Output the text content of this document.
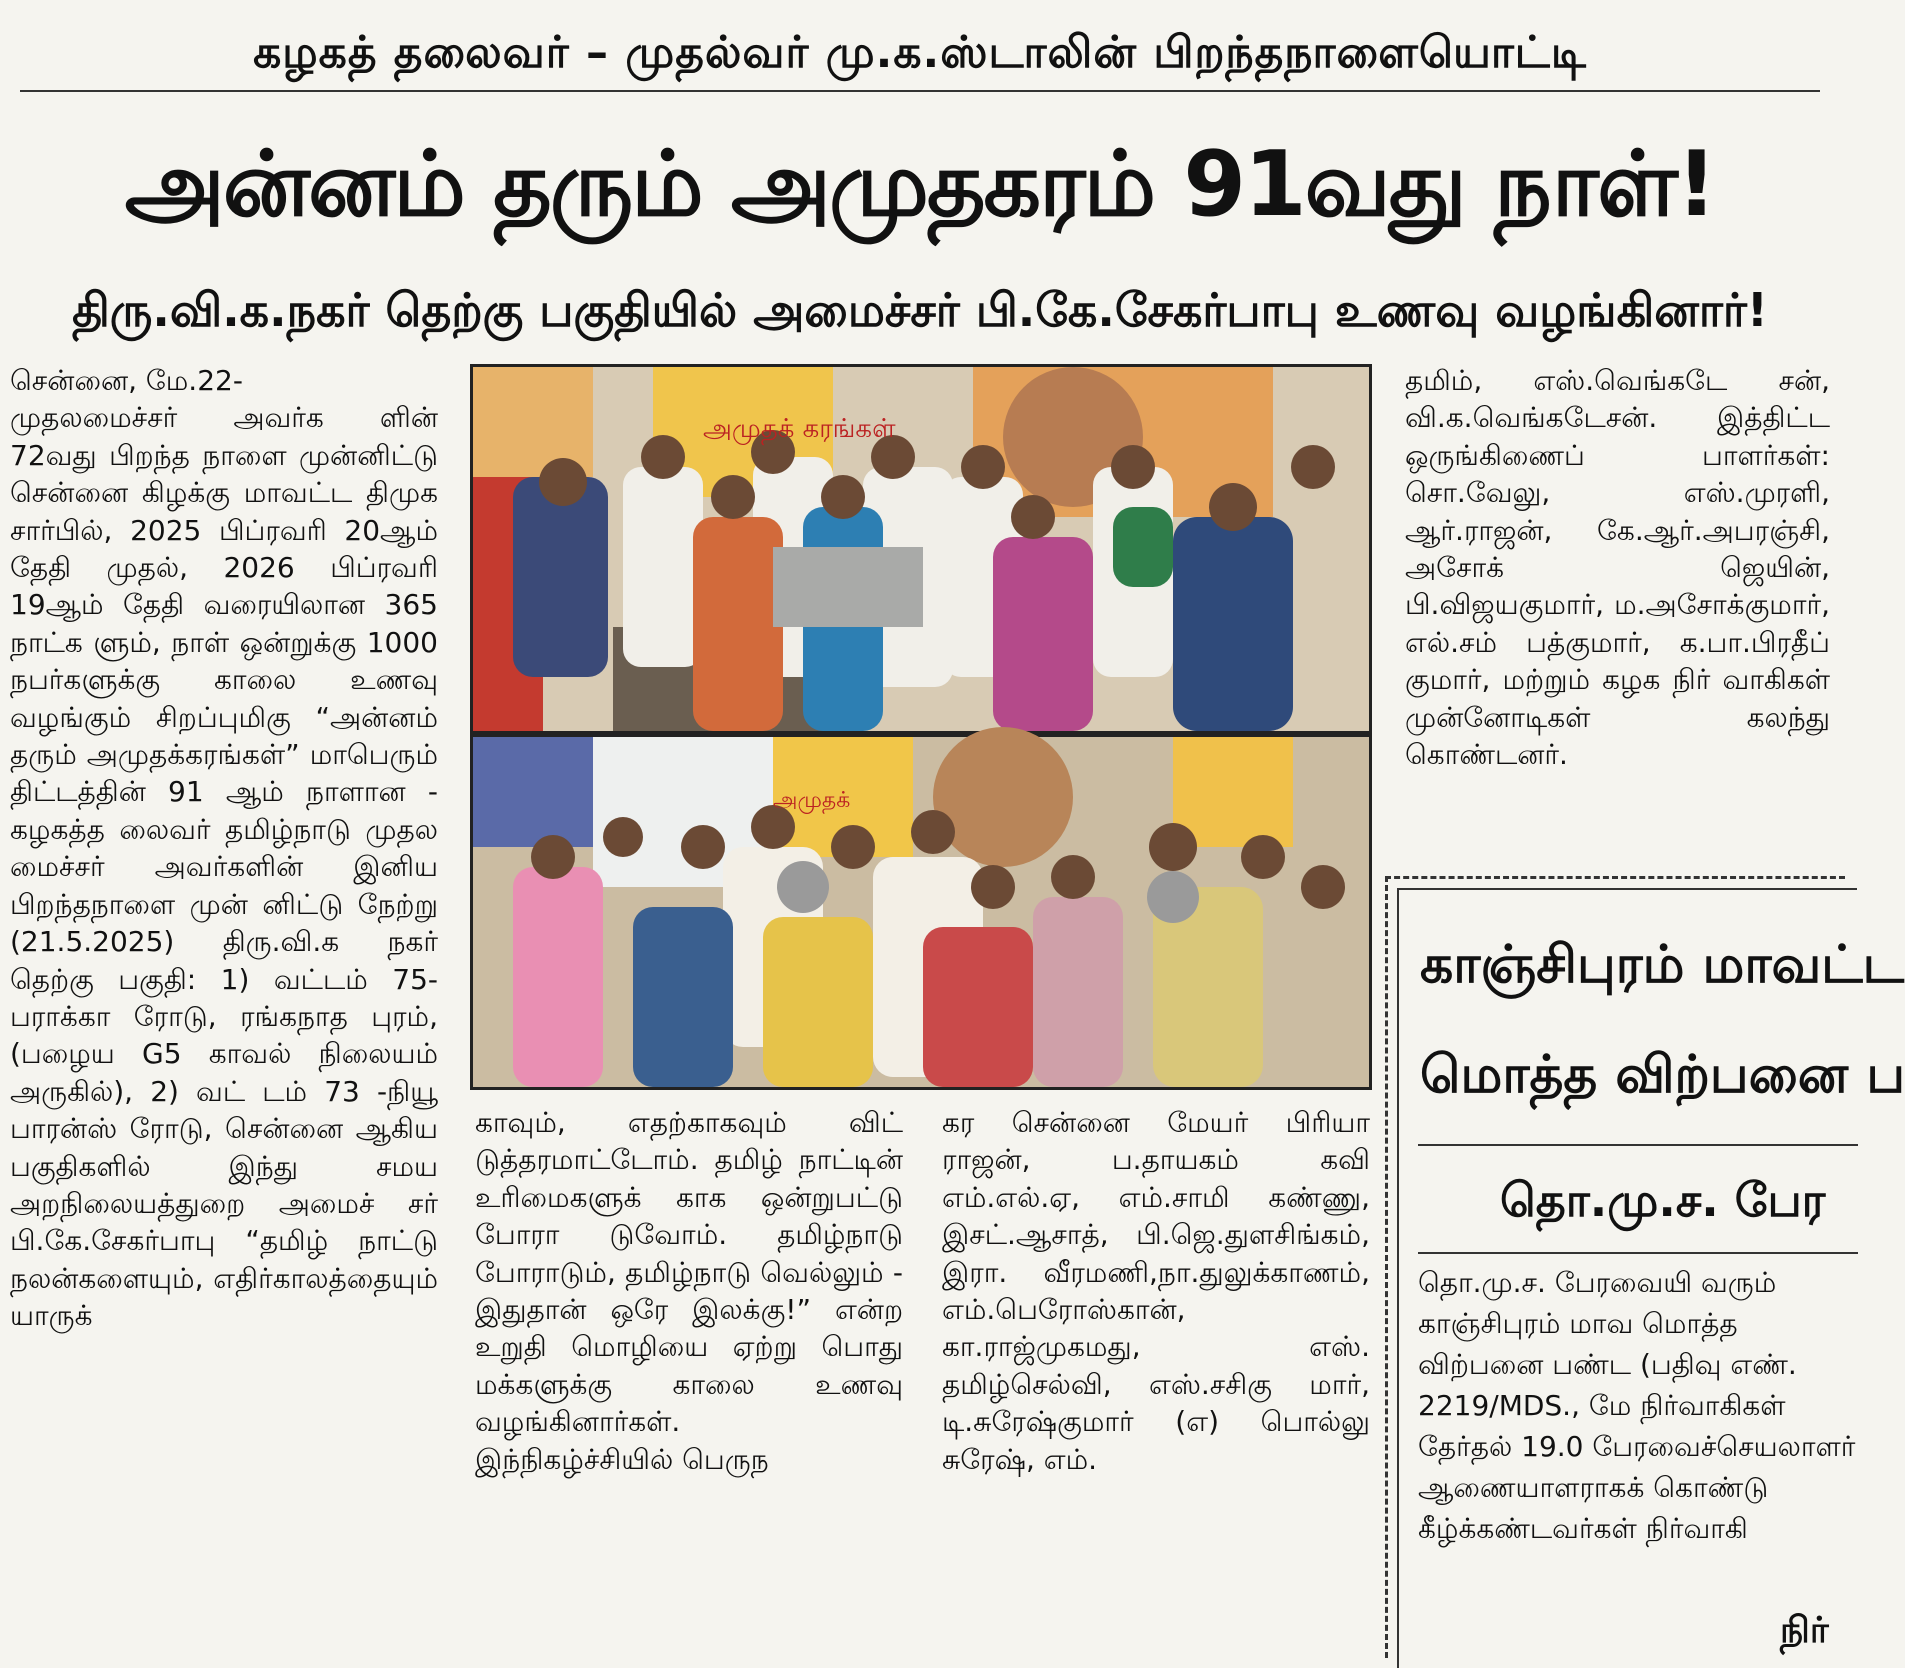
கழகத் தலைவர் – முதல்வர் மு.க.ஸ்டாலின் பிறந்தநாளையொட்டி
அன்னம் தரும் அமுதகரம் 91வது நாள்!
திரு.வி.க.நகர் தெற்கு பகுதியில் அமைச்சர் பி.கே.சேகர்பாபு உணவு வழங்கினார்!
சென்னை, மே.22-
முதலமைச்சர் அவர்க ளின் 72வது பிறந்த நாளை முன்னிட்டு சென்னை கிழக்கு மாவட்ட திமுக சார்பில், 2025 பிப்ரவரி 20ஆம் தேதி முதல், 2026 பிப்ரவரி 19ஆம் தேதி வரையிலான 365 நாட்க ளும், நாள் ஒன்றுக்கு 1000 நபர்களுக்கு காலை உணவு வழங்கும் சிறப்புமிகு “அன்னம் தரும் அமுதக்கரங்கள்” மாபெரும் திட்டத்தின் 91 ஆம் நாளான - கழகத்த லைவர் தமிழ்நாடு முதல மைச்சர் அவர்களின் இனிய பிறந்தநாளை முன் னிட்டு நேற்று (21.5.2025) திரு.வி.க நகர் தெற்கு பகுதி: 1) வட்டம் 75- பராக்கா ரோடு, ரங்கநாத புரம், (பழைய G5 காவல் நிலையம் அருகில்), 2) வட் டம் 73 -நியூ பாரன்ஸ் ரோடு, சென்னை ஆகிய பகுதிகளில் இந்து சமய அறநிலையத்துறை அமைச் சர் பி.கே.சேகர்பாபு “தமிழ் நாட்டு நலன்களையும், எதிர்காலத்தையும் யாருக்
அமுதக் கரங்கள்
அமுதக்
காவும், எதற்காகவும் விட் டுத்தரமாட்டோம். தமிழ் நாட்டின் உரிமைகளுக் காக ஒன்றுபட்டு போரா டுவோம். தமிழ்நாடு போராடும், தமிழ்நாடு வெல்லும் - இதுதான் ஒரே இலக்கு!” என்ற உறுதி மொழியை ஏற்று பொது மக்களுக்கு காலை உணவு வழங்கினார்கள்.
இந்நிகழ்ச்சியில் பெருந
கர சென்னை மேயர் பிரியா ராஜன், ப.தாயகம் கவி எம்.எல்.ஏ, எம்.சாமி கண்ணு, இசட்.ஆசாத், பி.ஜெ.துளசிங்கம், இரா. வீரமணி,நா.துலுக்காணம், எம்.பெரோஸ்கான், கா.ராஜ்முகமது, எஸ். தமிழ்செல்வி, எஸ்.சசிகு மார், டி.சுரேஷ்குமார் (எ) பொல்லு சுரேஷ், எம்.
தமிம், எஸ்.வெங்கடே சன், வி.க.வெங்கடேசன். இத்திட்ட ஒருங்கிணைப் பாளர்கள்: சொ.வேலு, எஸ்.முரளி, ஆர்.ராஜன், கே.ஆர்.அபரஞ்சி, அசோக் ஜெயின், பி.விஜயகுமார், ம.அசோக்குமார், எல்.சம் பத்குமார், க.பா.பிரதீப் குமார், மற்றும் கழக நிர் வாகிகள் முன்னோடிகள் கலந்து கொண்டனர்.
காஞ்சிபுரம் மாவட்ட
மொத்த விற்பனை ப
தொ.மு.ச. பேர
தொ.மு.ச. பேரவையி வரும் காஞ்சிபுரம் மாவ மொத்த விற்பனை பண்ட (பதிவு எண். 2219/MDS., மே நிர்வாகிகள் தேர்தல் 19.0 பேரவைச்செயலாளர் ஆணையாளராகக் கொண்டு கீழ்க்கண்டவர்கள் நிர்வாகி
நிர்
